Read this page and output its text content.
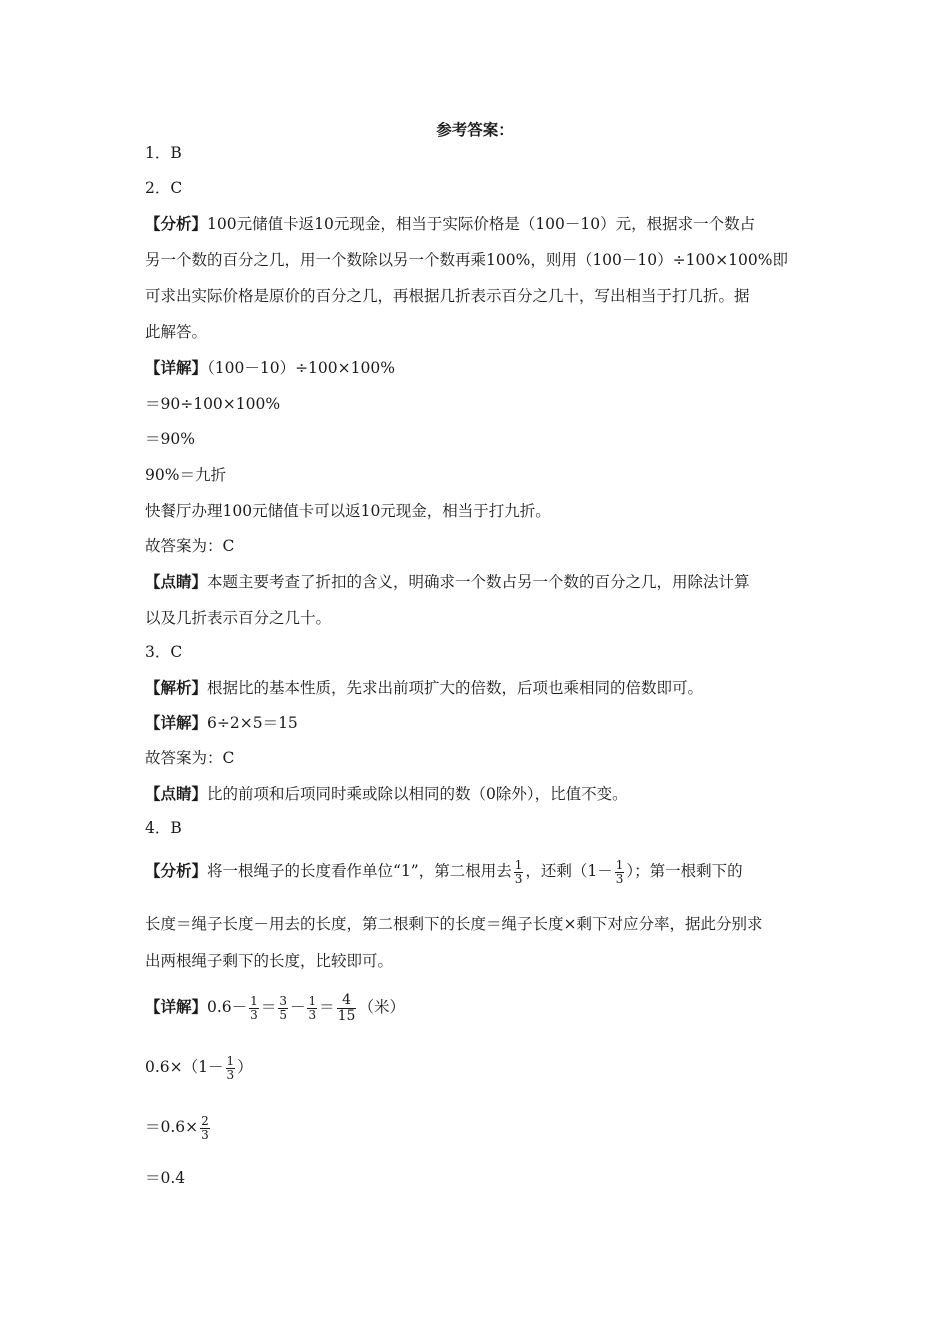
参考答案：
1．B
2．C
【分析】100元储值卡返10元现金，相当于实际价格是（100－10）元，根据求一个数占
另一个数的百分之几，用一个数除以另一个数再乘100%，则用（100－10）÷100×100%即
可求出实际价格是原价的百分之几，再根据几折表示百分之几十，写出相当于打几折。据
此解答。
【详解】（100－10）÷100×100%
＝90÷100×100%
＝90%
90%＝九折
快餐厅办理100元储值卡可以返10元现金，相当于打九折。
故答案为：C
【点睛】本题主要考查了折扣的含义，明确求一个数占另一个数的百分之几，用除法计算
以及几折表示百分之几十。
3．C
【解析】根据比的基本性质，先求出前项扩大的倍数，后项也乘相同的倍数即可。
【详解】6÷2×5＝15
故答案为：C
【点睛】比的前项和后项同时乘或除以相同的数（0除外），比值不变。
4．B
【分析】将一根绳子的长度看作单位“1”，第二根用去 $\frac{1}{3}$ ，还剩（$1- \frac{1}{3}$ ）；第一根剩下的
长度＝绳子长度－用去的长度，第二根剩下的长度＝绳子长度×剩下对应分率，据此分别求
出两根绳子剩下的长度，比较即可。
【详解】$0.6- \frac{1}{3} = \frac{3}{5} - \frac{1}{3} = \frac{4}{15}$ （米）
$0.6\times(1- \frac{1}{3}$ ）
$=0.6\times \frac{2}{3}$
＝0.4
